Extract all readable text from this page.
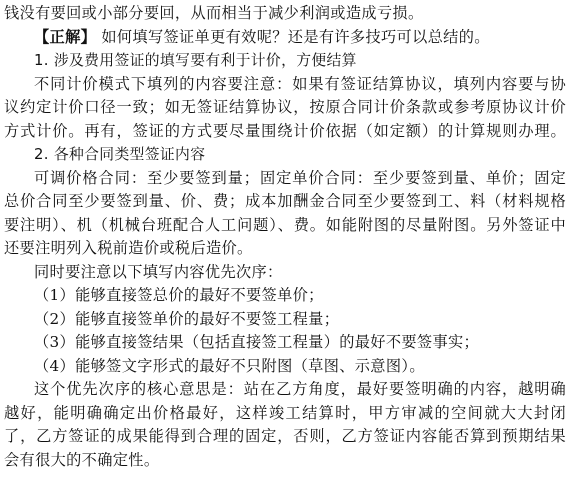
钱没有要回或小部分要回，从而相当于减少利润或造成亏损。
【正解】 如何填写签证单更有效呢？还是有许多技巧可以总结的。
1. 涉及费用签证的填写要有利于计价，方便结算
不同计价模式下填列的内容要注意：如果有签证结算协议，填列内容要与协
议约定计价口径一致；如无签证结算协议，按原合同计价条款或参考原协议计价
方式计价。再有，签证的方式要尽量围绕计价依据（如定额）的计算规则办理。
2. 各种合同类型签证内容
可调价格合同：至少要签到量；固定单价合同：至少要签到量、单价；固定
总价合同至少要签到量、价、费；成本加酬金合同至少要签到工、料（材料规格
要注明）、机（机械台班配合人工问题）、费。如能附图的尽量附图。另外签证中
还要注明列入税前造价或税后造价。
同时要注意以下填写内容优先次序：
（1）能够直接签总价的最好不要签单价；
（2）能够直接签单价的最好不要签工程量；
（3）能够直接签结果（包括直接签工程量）的最好不要签事实；
（4）能够签文字形式的最好不只附图（草图、示意图）。
这个优先次序的核心意思是：站在乙方角度，最好要签明确的内容，越明确
越好，能明确确定出价格最好，这样竣工结算时，甲方审减的空间就大大封闭
了，乙方签证的成果能得到合理的固定，否则，乙方签证内容能否算到预期结果
会有很大的不确定性。
